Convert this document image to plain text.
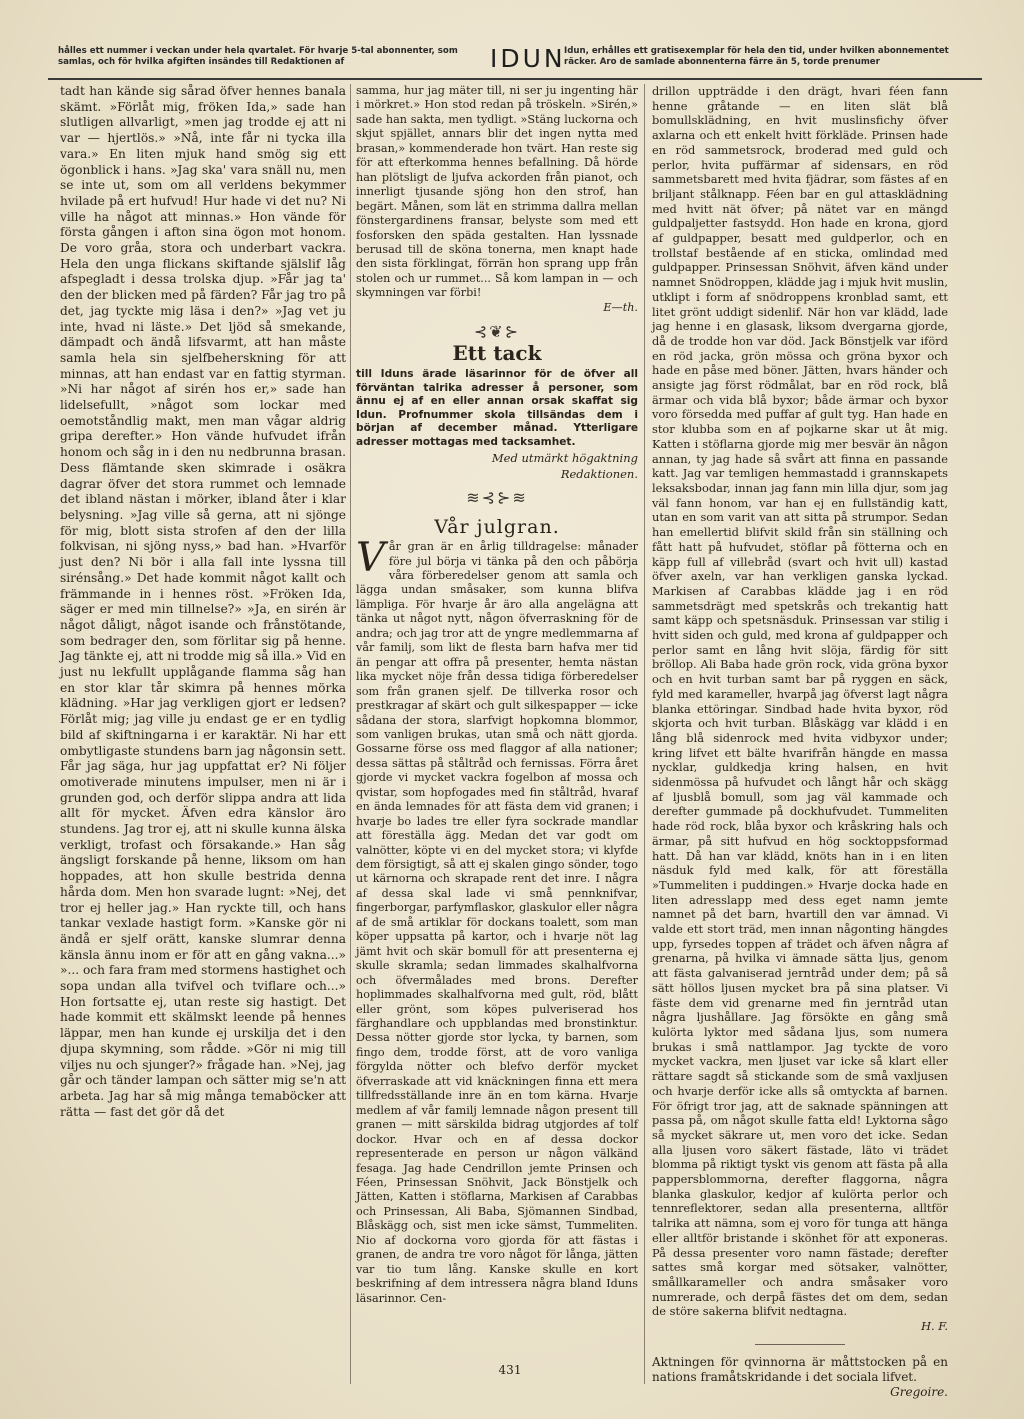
hålles ett nummer i veckan under hela qvartalet. För hvarje 5-tal abonnenter, som samlas, och för hvilka afgiften insändes till Redaktionen af	IDUN
Idun, erhålles ett gratisexemplar för hela den tid, under hvilken abonnementet räcker. Aro de samlade abonnenterna färre än 5, torde prenumer

tadt han kände sig sårad öfver hennes banala skämt. »Förlåt mig, fröken Ida,» sade han slutligen allvarligt, »men jag trodde ej att ni var — hjertlös.» »Nå, inte får ni tycka illa vara.» En liten mjuk hand smög sig ett ögonblick i hans. »Jag ska' vara snäll nu, men se inte ut, som om all verldens bekymmer hvilade på ert hufvud! Hur hade vi det nu? Ni ville ha något att minnas.» Hon vände för första gången i afton sina ögon mot honom. De voro gråa, stora och underbart vackra. Hela den unga flickans skiftande själslif låg afspegladt i dessa trolska djup. »Får jag ta' den der blicken med på färden? Får jag tro på det, jag tyckte mig läsa i den?» »Jag vet ju inte, hvad ni läste.» Det ljöd så smekande, dämpadt och ändå lifsvarmt, att han måste samla hela sin sjelfbeherskning för att minnas, att han endast var en fattig styrman. »Ni har något af sirén hos er,» sade han lidelsefullt, »något som lockar med oemotståndlig makt, men man vågar aldrig gripa derefter.» Hon vände hufvudet ifrån honom och såg in i den nu nedbrunna brasan. Dess flämtande sken skimrade i osäkra dagrar öfver det stora rummet och lemnade det ibland nästan i mörker, ibland åter i klar belysning. »Jag ville så gerna, att ni sjönge för mig, blott sista strofen af den der lilla folkvisan, ni sjöng nyss,» bad han. »Hvarför just den? Ni bör i alla fall inte lyssna till sirénsång.» Det hade kommit något kallt och främmande in i hennes röst. »Fröken Ida, säger er med min tillnelse?» »Ja, en sirén är något dåligt, något isande och frånstötande, som bedrager den, som förlitar sig på henne. Jag tänkte ej, att ni trodde mig så illa.» Vid en just nu lekfullt upplågande flamma såg han en stor klar tår skimra på hennes mörka klädning. »Har jag verkligen gjort er ledsen? Förlåt mig; jag ville ju endast ge er en tydlig bild af skiftningarna i er karaktär. Ni har ett ombytligaste stundens barn jag någonsin sett. Får jag säga, hur jag uppfattat er? Ni följer omotiverade minutens impulser, men ni är i grunden god, och derför slippa andra att lida allt för mycket. Äfven edra känslor äro stundens. Jag tror ej, att ni skulle kunna älska verkligt, trofast och försakande.» Han såg ängsligt forskande på henne, liksom om han hoppades, att hon skulle bestrida denna hårda dom. Men hon svarade lugnt: »Nej, det tror ej heller jag.» Han ryckte till, och hans tankar vexlade hastigt form. »Kanske gör ni ändå er sjelf orätt, kanske slumrar denna känsla ännu inom er för att en gång vakna...» »... och fara fram med stormens hastighet och sopa undan alla tvifvel och tviflare och...» Hon fortsatte ej, utan reste sig hastigt. Det hade kommit ett skälmskt leende på hennes läppar, men han kunde ej urskilja det i den djupa skymning, som rådde. »Gör ni mig till viljes nu och sjunger?» frågade han. »Nej, jag går och tänder lampan och sätter mig se'n att arbeta. Jag har så mig många temaböcker att rätta — fast det gör då det

samma, hur jag mäter till, ni ser ju ingenting här i mörkret.» Hon stod redan på tröskeln. »Sirén,» sade han sakta, men tydligt. »Stäng luckorna och skjut spjället, annars blir det ingen nytta med brasan,» kommenderade hon tvärt. Han reste sig för att efterkomma hennes befallning. Då hörde han plötsligt de ljufva ackorden från pianot, och innerligt tjusande sjöng hon den strof, han begärt. Månen, som lät en strimma dallra mellan fönstergardinens fransar, belyste som med ett fosforsken den späda gestalten. Han lyssnade berusad till de sköna tonerna, men knapt hade den sista förklingat, förrän hon sprang upp från stolen och ur rummet... Så kom lampan in — och skymningen var förbi!

E—th.

⊰❦⊱
Ett tack

till Iduns ärade läsarinnor för de öfver all förväntan talrika adresser å personer, som ännu ej af en eller annan orsak skaffat sig Idun. Profnummer skola tillsändas dem i början af december månad. Ytterligare adresser mottagas med tacksamhet.

Med utmärkt högaktning
Redaktionen.
≋⊰⊱≋
Vår julgran.

Vår gran är en årlig tilldragelse: månader före jul börja vi tänka på den och påbörja våra förberedelser genom att samla och lägga undan småsaker, som kunna blifva lämpliga. För hvarje år äro alla angelägna att tänka ut något nytt, någon öfverraskning för de andra; och jag tror att de yngre medlemmarna af vår familj, som likt de flesta barn hafva mer tid än pengar att offra på presenter, hemta nästan lika mycket nöje från dessa tidiga förberedelser som från granen sjelf. De tillverka rosor och prestkragar af skärt och gult silkespapper — icke sådana der stora, slarfvigt hopkomna blommor, som vanligen brukas, utan små och nätt gjorda. Gossarne förse oss med flaggor af alla nationer; dessa sättas på ståltråd och fernissas. Förra året gjorde vi mycket vackra fogelbon af mossa och qvistar, som hopfogades med fin ståltråd, hvaraf en ända lemnades för att fästa dem vid granen; i hvarje bo lades tre eller fyra sockrade mandlar att föreställa ägg. Medan det var godt om valnötter, köpte vi en del mycket stora; vi klyfde dem försigtigt, så att ej skalen gingo sönder, togo ut kärnorna och skrapade rent det inre. I några af dessa skal lade vi små pennknifvar, fingerborgar, parfymflaskor, glaskulor eller några af de små artiklar för dockans toalett, som man köper uppsatta på kartor, och i hvarje nöt lag jämt hvit och skär bomull för att presenterna ej skulle skramla; sedan limmades skalhalfvorna och öfvermålades med brons. Derefter hoplimmades skalhalfvorna med gult, röd, blått eller grönt, som köpes pulveriserad hos färghandlare och uppblandas med bronstinktur. Dessa nötter gjorde stor lycka, ty barnen, som fingo dem, trodde först, att de voro vanliga förgylda nötter och blefvo derför mycket öfverraskade att vid knäckningen finna ett mera tillfredsställande inre än en tom kärna. Hvarje medlem af vår familj lemnade någon present till granen — mitt särskilda bidrag utgjordes af tolf dockor. Hvar och en af dessa dockor representerade en person ur någon välkänd fesaga. Jag hade Cendrillon jemte Prinsen och Féen, Prinsessan Snöhvit, Jack Bönstjelk och Jätten, Katten i stöflarna, Markisen af Carabbas och Prinsessan, Ali Baba, Sjömannen Sindbad, Blåskägg och, sist men icke sämst, Tummeliten. Nio af dockorna voro gjorda för att fästas i granen, de andra tre voro något för långa, jätten var tio tum lång. Kanske skulle en kort beskrifning af dem intressera några bland Iduns läsarinnor. Cen-

drillon uppträdde i den drägt, hvari féen fann henne gråtande — en liten slät blå bomullsklädning, en hvit muslinsfichy öfver axlarna och ett enkelt hvitt förkläde. Prinsen hade en röd sammetsrock, broderad med guld och perlor, hvita puffärmar af sidensars, en röd sammetsbarett med hvita fjädrar, som fästes af en briljant stålknapp. Féen bar en gul attasklädning med hvitt nät öfver; på nätet var en mängd guldpaljetter fastsydd. Hon hade en krona, gjord af guldpapper, besatt med guldperlor, och en trollstaf bestående af en sticka, omlindad med guldpapper. Prinsessan Snöhvit, äfven känd under namnet Snödroppen, klädde jag i mjuk hvit muslin, utklipt i form af snödroppens kronblad samt, ett litet grönt uddigt sidenlif. När hon var klädd, lade jag henne i en glasask, liksom dvergarna gjorde, då de trodde hon var död. Jack Bönstjelk var iförd en röd jacka, grön mössa och gröna byxor och hade en påse med böner. Jätten, hvars händer och ansigte jag först rödmålat, bar en röd rock, blå ärmar och vida blå byxor; både ärmar och byxor voro försedda med puffar af gult tyg. Han hade en stor klubba som en af pojkarne skar ut åt mig. Katten i stöflarna gjorde mig mer besvär än någon annan, ty jag hade så svårt att finna en passande katt. Jag var temligen hemmastadd i grannskapets leksaksbodar, innan jag fann min lilla djur, som jag väl fann honom, var han ej en fullständig katt, utan en som varit van att sitta på strumpor. Sedan han emellertid blifvit skild från sin ställning och fått hatt på hufvudet, stöflar på fötterna och en käpp full af villebråd (svart och hvit ull) kastad öfver axeln, var han verkligen ganska lyckad. Markisen af Carabbas klädde jag i en röd sammetsdrägt med spetskrås och trekantig hatt samt käpp och spetsnäsduk. Prinsessan var stilig i hvitt siden och guld, med krona af guldpapper och perlor samt en lång hvit slöja, färdig för sitt bröllop. Ali Baba hade grön rock, vida gröna byxor och en hvit turban samt bar på ryggen en säck, fyld med karameller, hvarpå jag öfverst lagt några blanka ettöringar. Sindbad hade hvita byxor, röd skjorta och hvit turban. Blåskägg var klädd i en lång blå sidenrock med hvita vidbyxor under; kring lifvet ett bälte hvarifrån hängde en massa nycklar, guldkedja kring halsen, en hvit sidenmössa på hufvudet och långt hår och skägg af ljusblå bomull, som jag väl kammade och derefter gummade på dockhufvudet. Tummeliten hade röd rock, blåa byxor och kråskring hals och ärmar, på sitt hufvud en hög socktoppsformad hatt. Då han var klädd, knöts han in i en liten näsduk fyld med kalk, för att föreställa »Tummeliten i puddingen.» Hvarje docka hade en liten adresslapp med dess eget namn jemte namnet på det barn, hvartill den var ämnad. Vi valde ett stort träd, men innan någonting hängdes upp, fyrsedes toppen af trädet och äfven några af grenarna, på hvilka vi ämnade sätta ljus, genom att fästa galvaniserad jerntråd under dem; på så sätt höllos ljusen mycket bra på sina platser. Vi fäste dem vid grenarne med fin jerntråd utan några ljushållare. Jag försökte en gång små kulörta lyktor med sådana ljus, som numera brukas i små nattlampor. Jag tyckte de voro mycket vackra, men ljuset var icke så klart eller rättare sagdt så stickande som de små vaxljusen och hvarje derför icke alls så omtyckta af barnen. För öfrigt tror jag, att de saknade spänningen att passa på, om något skulle fatta eld! Lyktorna sågo så mycket säkrare ut, men voro det icke. Sedan alla ljusen voro säkert fästade, läto vi trädet blomma på riktigt tyskt vis genom att fästa på alla pappersblommorna, derefter flaggorna, några blanka glaskulor, kedjor af kulörta perlor och tennreflektorer, sedan alla presenterna, alltför talrika att nämna, som ej voro för tunga att hänga eller alltför bristande i skönhet för att exponeras. På dessa presenter voro namn fästade; derefter sattes små korgar med sötsaker, valnötter, smållkarameller och andra småsaker voro numrerade, och derpå fästes det om dem, sedan de störe sakerna blifvit nedtagna.

H. F.

Aktningen för qvinnorna är måttstocken på en nations framåtskridande i det sociala lifvet.

Gregoire.

431
